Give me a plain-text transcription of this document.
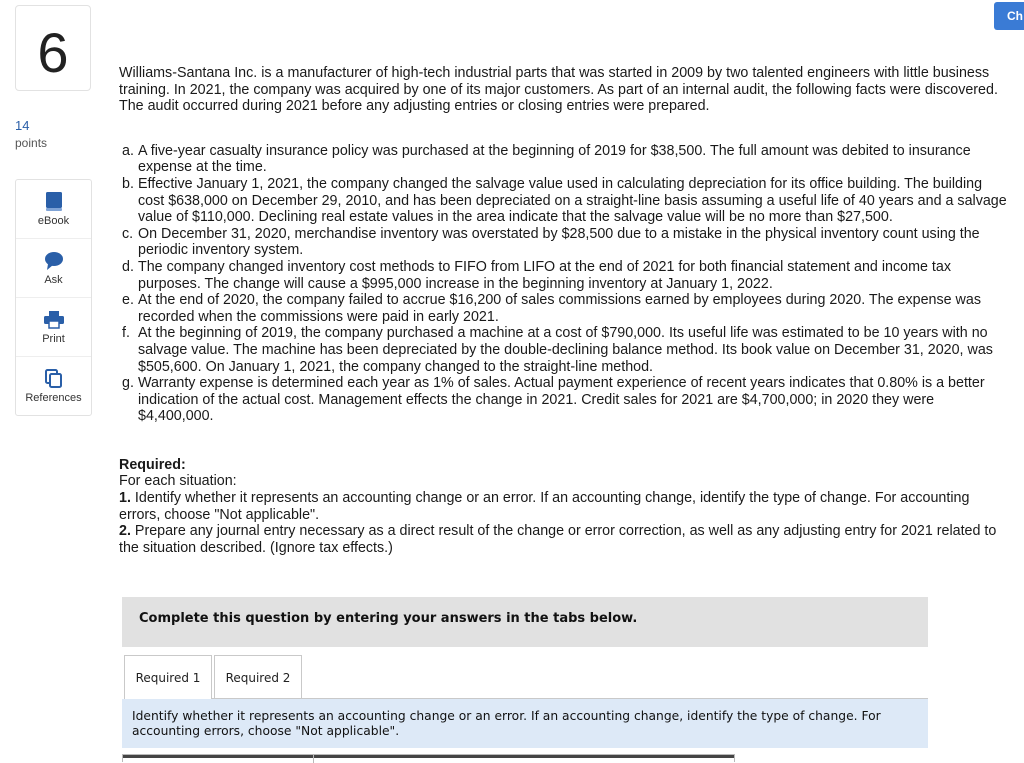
6
14
points
eBook
Ask
Print
References
Ch

Williams-Santana Inc. is a manufacturer of high-tech industrial parts that was started in 2009 by two talented engineers with little business training. In 2021, the company was acquired by one of its major customers. As part of an internal audit, the following facts were discovered. The audit occurred during 2021 before any adjusting entries or closing entries were prepared.

a. A five-year casualty insurance policy was purchased at the beginning of 2019 for $38,500. The full amount was debited to insurance expense at the time.
b. Effective January 1, 2021, the company changed the salvage value used in calculating depreciation for its office building. The building cost $638,000 on December 29, 2010, and has been depreciated on a straight-line basis assuming a useful life of 40 years and a salvage value of $110,000. Declining real estate values in the area indicate that the salvage value will be no more than $27,500.
c. On December 31, 2020, merchandise inventory was overstated by $28,500 due to a mistake in the physical inventory count using the periodic inventory system.
d. The company changed inventory cost methods to FIFO from LIFO at the end of 2021 for both financial statement and income tax purposes. The change will cause a $995,000 increase in the beginning inventory at January 1, 2022.
e. At the end of 2020, the company failed to accrue $16,200 of sales commissions earned by employees during 2020. The expense was recorded when the commissions were paid in early 2021.
f. At the beginning of 2019, the company purchased a machine at a cost of $790,000. Its useful life was estimated to be 10 years with no salvage value. The machine has been depreciated by the double-declining balance method. Its book value on December 31, 2020, was $505,600. On January 1, 2021, the company changed to the straight-line method.
g. Warranty expense is determined each year as 1% of sales. Actual payment experience of recent years indicates that 0.80% is a better indication of the actual cost. Management effects the change in 2021. Credit sales for 2021 are $4,700,000; in 2020 they were $4,400,000.

Required:

For each situation:

1. Identify whether it represents an accounting change or an error. If an accounting change, identify the type of change. For accounting errors, choose "Not applicable".

2. Prepare any journal entry necessary as a direct result of the change or error correction, as well as any adjusting entry for 2021 related to the situation described. (Ignore tax effects.)

Complete this question by entering your answers in the tabs below.
Required 1	Required 2
Identify whether it represents an accounting change or an error. If an accounting change, identify the type of change. For accounting errors, choose "Not applicable".
